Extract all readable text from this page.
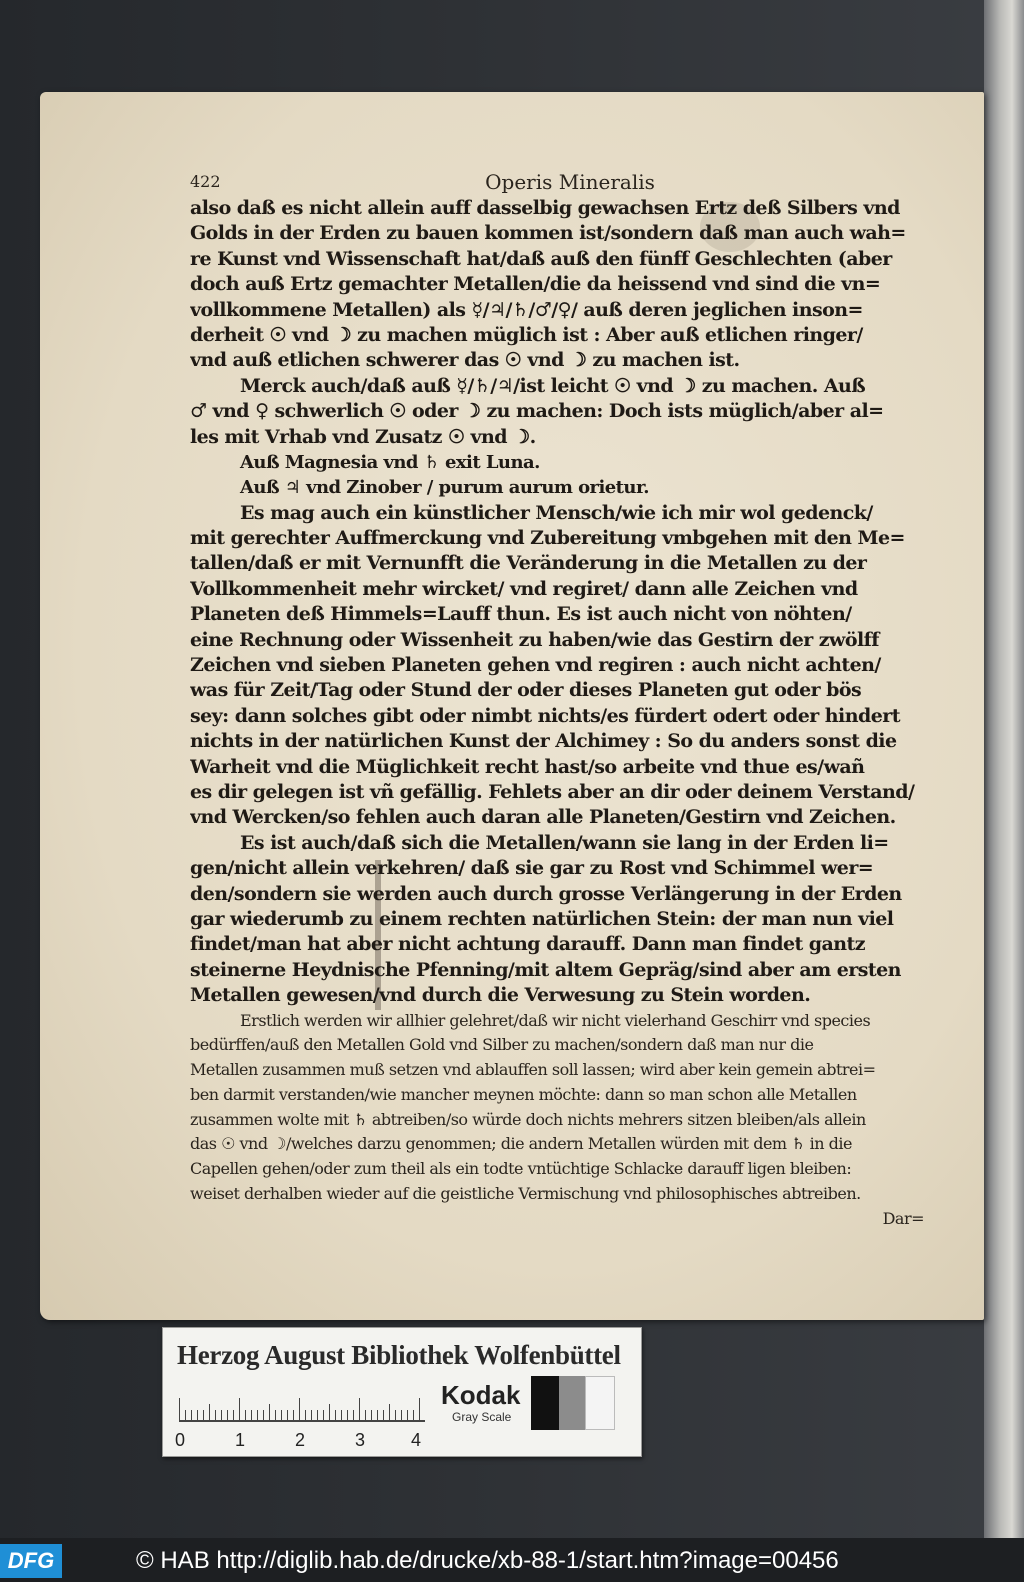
422	Operis Mineralis
also daß es nicht allein auff dasselbig gewachsen Ertz deß Silbers vnd
Golds in der Erden zu bauen kommen ist/sondern daß man auch wah=
re Kunst vnd Wissenschaft hat/daß auß den fünff Geschlechten (aber
doch auß Ertz gemachter Metallen/die da heissend vnd sind die vn=
vollkommene Metallen) als ☿/♃/♄/♂/♀/ auß deren jeglichen inson=
derheit ☉ vnd ☽ zu machen müglich ist : Aber auß etlichen ringer/
vnd auß etlichen schwerer das ☉ vnd ☽ zu machen ist.
Merck auch/daß auß ☿/♄/♃/ist leicht ☉ vnd ☽ zu machen. Auß
♂ vnd ♀ schwerlich ☉ oder ☽ zu machen: Doch ists müglich/aber al=
les mit Vrhab vnd Zusatz ☉ vnd ☽.
Auß Magnesia vnd ♄ exit Luna.
Auß ♃ vnd Zinober / purum aurum orietur.
Es mag auch ein künstlicher Mensch/wie ich mir wol gedenck/
mit gerechter Auffmerckung vnd Zubereitung vmbgehen mit den Me=
tallen/daß er mit Vernunfft die Veränderung in die Metallen zu der
Vollkommenheit mehr wircket/ vnd regiret/ dann alle Zeichen vnd
Planeten deß Himmels=Lauff thun. Es ist auch nicht von nöhten/
eine Rechnung oder Wissenheit zu haben/wie das Gestirn der zwölff
Zeichen vnd sieben Planeten gehen vnd regiren : auch nicht achten/
was für Zeit/Tag oder Stund der oder dieses Planeten gut oder bös
sey: dann solches gibt oder nimbt nichts/es fürdert odert oder hindert
nichts in der natürlichen Kunst der Alchimey : So du anders sonst die
Warheit vnd die Müglichkeit recht hast/so arbeite vnd thue es/wañ
es dir gelegen ist vñ gefällig. Fehlets aber an dir oder deinem Verstand/
vnd Wercken/so fehlen auch daran alle Planeten/Gestirn vnd Zeichen.
Es ist auch/daß sich die Metallen/wann sie lang in der Erden li=
gen/nicht allein verkehren/ daß sie gar zu Rost vnd Schimmel wer=
den/sondern sie werden auch durch grosse Verlängerung in der Erden
gar wiederumb zu einem rechten natürlichen Stein: der man nun viel
findet/man hat aber nicht achtung darauff. Dann man findet gantz
steinerne Heydnische Pfenning/mit altem Gepräg/sind aber am ersten
Metallen gewesen/vnd durch die Verwesung zu Stein worden.
Erstlich werden wir allhier gelehret/daß wir nicht vielerhand Geschirr vnd species
bedürffen/auß den Metallen Gold vnd Silber zu machen/sondern daß man nur die
Metallen zusammen muß setzen vnd ablauffen soll lassen; wird aber kein gemein abtrei=
ben darmit verstanden/wie mancher meynen möchte: dann so man schon alle Metallen
zusammen wolte mit ♄ abtreiben/so würde doch nichts mehrers sitzen bleiben/als allein
das ☉ vnd ☽/welches darzu genommen; die andern Metallen würden mit dem ♄ in die
Capellen gehen/oder zum theil als ein todte vntüchtige Schlacke darauff ligen bleiben:
weiset derhalben wieder auf die geistliche Vermischung vnd philosophisches abtreiben.
Dar=
Herzog August Bibliothek Wolfenbüttel
0	1	2	3	4
Kodak
Gray Scale
DFG	© HAB http://diglib.hab.de/drucke/xb-88-1/start.htm?image=00456
